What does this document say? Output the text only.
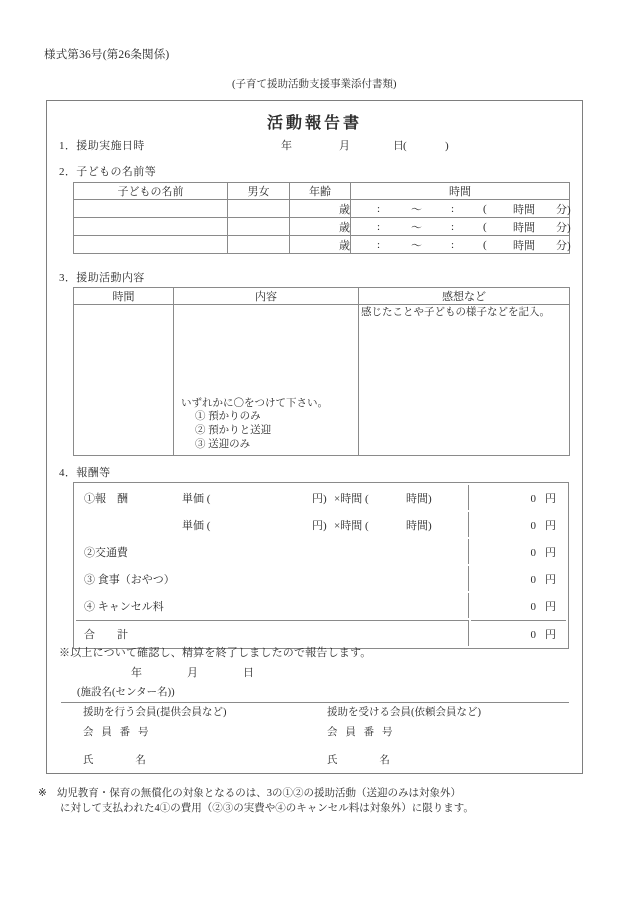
様式第36号(第26条関係)
(子育て援助活動支援事業添付書類)
活動報告書
1．援助実施日時	年	月	日(	)
2．子どもの名前等
子どもの名前	男女	年齢	時間
		歳	:	～	:	( 時間 分)

		歳	:	～	:	( 時間 分)

		歳	:	～	:	( 時間 分)
3．援助活動内容
時間	内容	感想など

	いずれかに〇をつけて下さい。
① 預かりのみ
② 預かりと送迎
③ 送迎のみ	感じたことや子どもの様子などを記入。
4．報酬等
①報　酬 単価 ( 円) ×時間 ( 時間)	0 円

単価 ( 円) ×時間 ( 時間)	0 円

②交通費	0 円

③ 食事（おやつ）	0 円

④ キャンセル料	0 円

合　　計	0 円
※以上について確認し、精算を終了しましたので報告します。
年	月	日
(施設名(センター名))
援助を行う会員(提供会員など)
会 員 番 号
氏　　　名
援助を受ける会員(依頼会員など)
会 員 番 号
氏　　　名
※ 幼児教育・保育の無償化の対象となるのは、3の①②の援助活動（送迎のみは対象外）
に対して支払われた4①の費用（②③の実費や④のキャンセル料は対象外）に限ります。
